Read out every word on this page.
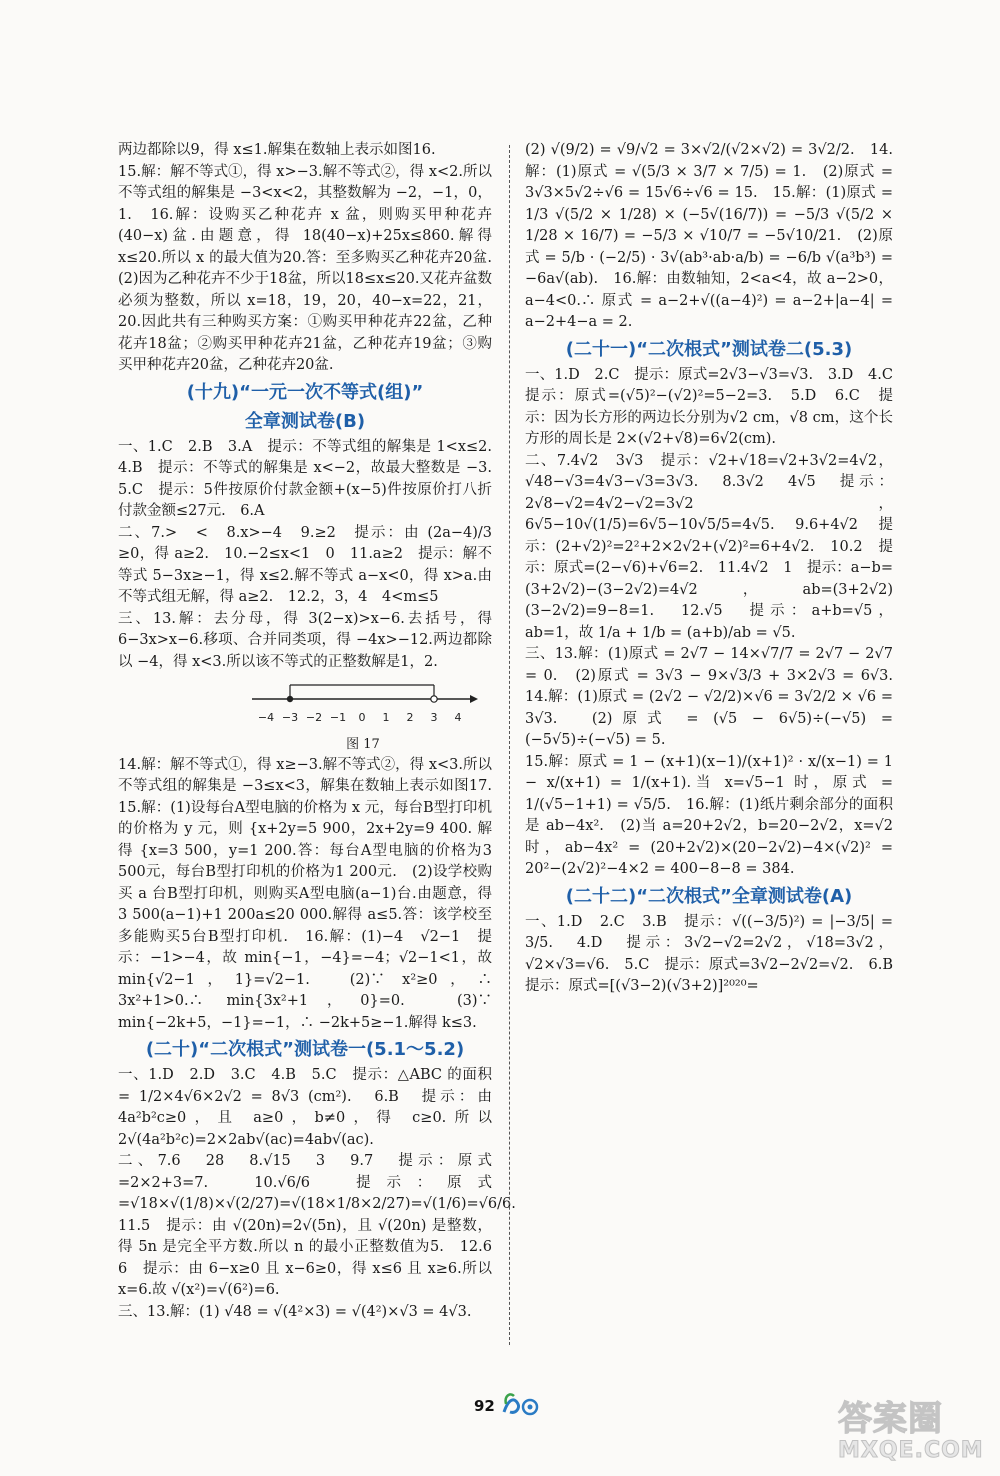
两边都除以9，得 x≤1.解集在数轴上表示如图16.

15.解：解不等式①，得 x>−3.解不等式②，得 x<2.所以不等式组的解集是 −3<x<2，其整数解为 −2，−1，0，1.　16.解：设购买乙种花卉 x 盆，则购买甲种花卉(40−x)盆.由题意，得 18(40−x)+25x≤860.解得 x≤20.所以 x 的最大值为20.答：至多购买乙种花卉20盆.　(2)因为乙种花卉不少于18盆，所以18≤x≤20.又花卉盆数必须为整数，所以 x=18，19，20，40−x=22，21，20.因此共有三种购买方案：①购买甲种花卉22盆，乙种花卉18盆；②购买甲种花卉21盆，乙种花卉19盆；③购买甲种花卉20盆，乙种花卉20盆.

(十九)“一元一次不等式(组)”
全章测试卷(B)

一、1.C　2.B　3.A　提示：不等式组的解集是 1<x≤2.　4.B　提示：不等式的解集是 x<−2，故最大整数是 −3.　5.C　提示：5件按原价付款金额+(x−5)件按原价打八折付款金额≤27元.　6.A

二、7.>　<　8.x>−4　9.≥2　提示：由 (2a−4)/3 ≥0，得 a≥2.　10.−2≤x<1　0　11.a≥2　提示：解不等式 5−3x≥−1，得 x≤2.解不等式 a−x<0，得 x>a.由不等式组无解，得 a≥2.　12.2，3，4　4<m≤5

三、13.解：去分母，得 3(2−x)>x−6.去括号，得 6−3x>x−6.移项、合并同类项，得 −4x>−12.两边都除以 −4，得 x<3.所以该不等式的正整数解是1，2.

−4 −3 −2 −1 0 1 2 3 4
图 17

14.解：解不等式①，得 x≥−3.解不等式②，得 x<3.所以不等式组的解集是 −3≤x<3，解集在数轴上表示如图17.　15.解：(1)设每台A型电脑的价格为 x 元，每台B型打印机的价格为 y 元，则 {x+2y=5 900，2x+2y=9 400. 解得 {x=3 500，y=1 200.答：每台A型电脑的价格为3 500元，每台B型打印机的价格为1 200元.　(2)设学校购买 a 台B型打印机，则购买A型电脑(a−1)台.由题意，得 3 500(a−1)+1 200a≤20 000.解得 a≤5.答：该学校至多能购买5台B型打印机.　16.解：(1)−4　√2−1　提示：−1>−4，故 min{−1，−4}=−4；√2−1<1，故 min{√2−1，1}=√2−1.　(2)∵ x²≥0，∴ 3x²+1>0.∴ min{3x²+1，0}=0.　(3)∵ min{−2k+5，−1}=−1，∴ −2k+5≥−1.解得 k≤3.

(二十)“二次根式”测试卷一(5.1～5.2)

一、1.D　2.D　3.C　4.B　5.C　提示：△ABC 的面积 = 1/2×4√6×2√2 = 8√3 (cm²).　6.B　提示：由 4a²b²c≥0，且 a≥0，b≠0，得 c≥0.所以 2√(4a²b²c)=2×2ab√(ac)=4ab√(ac).

二、7.6　28　8.√15　3　9.7　提示：原式=2×2+3=7.　10.√6/6　提示：原式=√18×√(1/8)×√(2/27)=√(18×1/8×2/27)=√(1/6)=√6/6.　11.5　提示：由 √(20n)=2√(5n)，且 √(20n) 是整数，得 5n 是完全平方数.所以 n 的最小正整数值为5.　12.6　6　提示：由 6−x≥0 且 x−6≥0，得 x≤6 且 x≥6.所以 x=6.故 √(x²)=√(6²)=6.

三、13.解：(1) √48 = √(4²×3) = √(4²)×√3 = 4√3.

(2) √(9/2) = √9/√2 = 3×√2/(√2×√2) = 3√2/2.　14.解：(1)原式 = √(5/3 × 3/7 × 7/5) = 1.　(2)原式 = 3√3×5√2÷√6 = 15√6÷√6 = 15.　15.解：(1)原式 = 1/3 √(5/2 × 1/28) × (−5√(16/7)) = −5/3 √(5/2 × 1/28 × 16/7) = −5/3 × √10/7 = −5√10/21.　(2)原式 = 5/b · (−2/5) · 3√(ab³·ab·a/b) = −6/b √(a³b³) = −6a√(ab).　16.解：由数轴知，2<a<4，故 a−2>0，a−4<0.∴ 原式 = a−2+√((a−4)²) = a−2+|a−4| = a−2+4−a = 2.

(二十一)“二次根式”测试卷二(5.3)

一、1.D　2.C　提示：原式=2√3−√3=√3.　3.D　4.C　提示：原式=(√5)²−(√2)²=5−2=3.　5.D　6.C　提示：因为长方形的两边长分别为√2 cm，√8 cm，这个长方形的周长是 2×(√2+√8)=6√2(cm).

二、7.4√2　3√3　提示：√2+√18=√2+3√2=4√2，√48−√3=4√3−√3=3√3.　8.3√2　4√5　提示：2√8−√2=4√2−√2=3√2，6√5−10√(1/5)=6√5−10√5/5=4√5.　9.6+4√2　提示：(2+√2)²=2²+2×2√2+(√2)²=6+4√2.　10.2　提示：原式=(2−√6)+√6=2.　11.4√2　1　提示：a−b=(3+2√2)−(3−2√2)=4√2，ab=(3+2√2)(3−2√2)=9−8=1.　12.√5　提示：a+b=√5，ab=1，故 1/a + 1/b = (a+b)/ab = √5.

三、13.解：(1)原式 = 2√7 − 14×√7/7 = 2√7 − 2√7 = 0.　(2)原式 = 3√3 − 9×√3/3 + 3×2√3 = 6√3.　14.解：(1)原式 = (2√2 − √2/2)×√6 = 3√2/2 × √6 = 3√3.　(2)原式 = (√5 − 6√5)÷(−√5) = (−5√5)÷(−√5) = 5.

15.解：原式 = 1 − (x+1)(x−1)/(x+1)² · x/(x−1) = 1 − x/(x+1) = 1/(x+1).当 x=√5−1 时，原式 = 1/(√5−1+1) = √5/5.　16.解：(1)纸片剩余部分的面积是 ab−4x².　(2)当 a=20+2√2，b=20−2√2，x=√2 时，ab−4x² = (20+2√2)×(20−2√2)−4×(√2)² = 20²−(2√2)²−4×2 = 400−8−8 = 384.

(二十二)“二次根式”全章测试卷(A)

一、1.D　2.C　3.B　提示：√((−3/5)²) = |−3/5| = 3/5.　4.D　提示：3√2−√2=2√2，√18=3√2，√2×√3=√6.　5.C　提示：原式=3√2−2√2=√2.　6.B　提示：原式=[(√3−2)(√3+2)]²⁰²⁰=

92	答案圈
MXQE.COM
